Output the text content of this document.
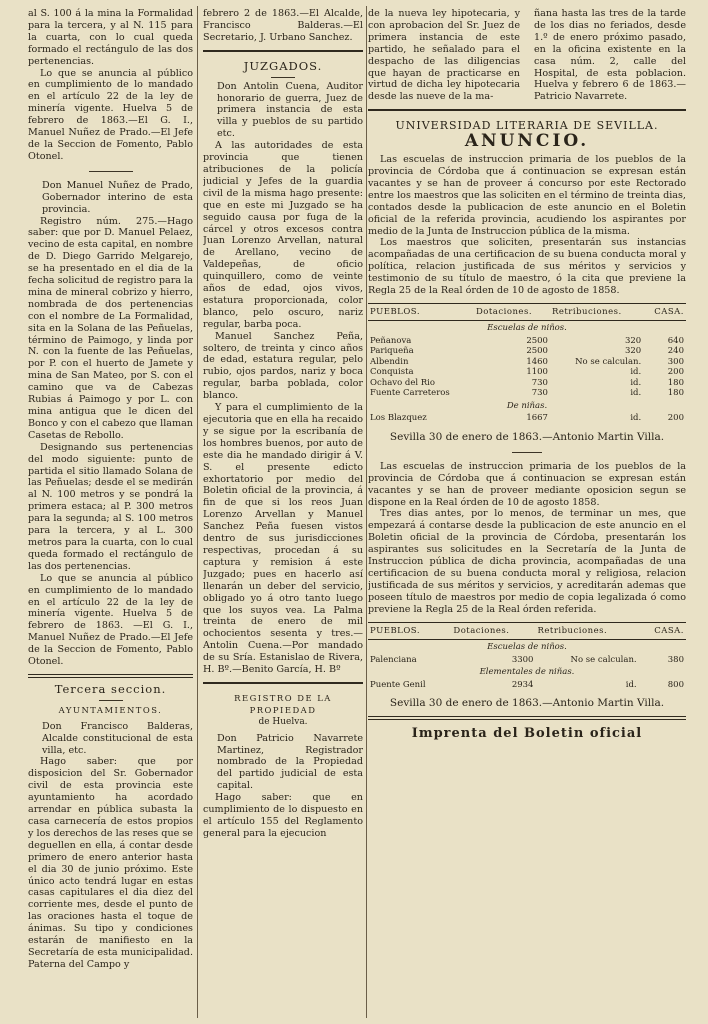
al S. 100 á la mina la Formalidad para la tercera, y al N. 115 para la cuarta, con lo cual queda formado el rectángulo de las dos pertenencias.

Lo que se anuncia al público en cumplimiento de lo mandado en el artículo 22 de la ley de minería vigente. Huelva 5 de febrero de 1863.—El G. I., Manuel Nuñez de Prado.—El Jefe de la Seccion de Fomento, Pablo Otonel.

Don Manuel Nuñez de Prado, Gobernador interino de esta provincia.

Registro núm. 275.—Hago saber: que por D. Manuel Pelaez, vecino de esta capital, en nombre de D. Diego Garrido Melgarejo, se ha presentado en el dia de la fecha solicitud de registro para la mina de mineral cobrizo y hierro, nombrada de dos pertenencias con el nombre de La Formalidad, sita en la Solana de las Peñuelas, término de Paimogo, y linda por N. con la fuente de las Peñuelas, por P. con el huerto de Jamete y mina de San Mateo, por S. con el camino que va de Cabezas Rubias á Paimogo y por L. con mina antigua que le dicen del Bonco y con el cabezo que llaman Casetas de Rebollo.

Designando sus pertenencias del modo siguiente: punto de partida el sitio llamado Solana de las Peñuelas; desde el se medirán al N. 100 metros y se pondrá la primera estaca; al P. 300 metros para la segunda; al S. 100 metros para la tercera, y al L. 300 metros para la cuarta, con lo cual queda formado el rectángulo de las dos pertenencias.

Lo que se anuncia al público en cumplimiento de lo mandado en el artículo 22 de la ley de minería vigente. Huelva 5 de febrero de 1863. —El G. I., Manuel Nuñez de Prado.—El Jefe de la Seccion de Fomento, Pablo Otonel.

Tercera seccion.
AYUNTAMIENTOS.

Don Francisco Balderas, Alcalde constitucional de esta villa, etc.

Hago saber: que por disposicion del Sr. Gobernador civil de esta provincia este ayuntamiento ha acordado arrendar en pública subasta la casa carnecería de estos propios y los derechos de las reses que se deguellen en ella, á contar desde primero de enero anterior hasta el dia 30 de junio próximo. Este único acto tendrá lugar en estas casas capitulares el dia diez del corriente mes, desde el punto de las oraciones hasta el toque de ánimas. Su tipo y condiciones estarán de manifiesto en la Secretaría de esta municipalidad. Paterna del Campo y

febrero 2 de 1863.—El Alcalde, Francisco Balderas.—El Secretario, J. Urbano Sanchez.

JUZGADOS.

Don Antolin Cuena, Auditor honorario de guerra, Juez de primera instancia de esta villa y pueblos de su partido etc.

A las autoridades de esta provincia que tienen atribuciones de la policía judicial y Jefes de la guardia civil de la misma hago presente: que en este mi Juzgado se ha seguido causa por fuga de la cárcel y otros excesos contra Juan Lorenzo Arvellan, natural de Arellano, vecino de Valdepeñas, de oficio quinquillero, como de veinte años de edad, ojos vivos, estatura proporcionada, color blanco, pelo oscuro, nariz regular, barba poca.

Manuel Sanchez Peña, soltero, de treinta y cinco años de edad, estatura regular, pelo rubio, ojos pardos, nariz y boca regular, barba poblada, color blanco.

Y para el cumplimiento de la ejecutoria que en ella ha recaido y se sigue por la escribanía de los hombres buenos, por auto de este dia he mandado dirigir á V. S. el presente edicto exhortatorio por medio del Boletin oficial de la provincia, á fin de que si los reos Juan Lorenzo Arvellan y Manuel Sanchez Peña fuesen vistos dentro de sus jurisdicciones respectivas, procedan á su captura y remision á este Juzgado; pues en hacerlo así llenarán un deber del servicio, obligado yo á otro tanto luego que los suyos vea. La Palma treinta de enero de mil ochocientos sesenta y tres.—Antolin Cuena.—Por mandado de su Sría. Estanislao de Rivera, H. Bº.—Benito García, H. Bº

REGISTRO DE LA PROPIEDAD
de Huelva.

Don Patricio Navarrete Martinez, Registrador nombrado de la Propiedad del partido judicial de esta capital.

Hago saber: que en cumplimiento de lo dispuesto en el artículo 155 del Reglamento general para la ejecucion

de la nueva ley hipotecaria, y con aprobacion del Sr. Juez de primera instancia de este partido, he señalado para el despacho de las diligencias que hayan de practicarse en virtud de dicha ley hipotecaria desde las nueve de la ma-

ñana hasta las tres de la tarde de los dias no feriados, desde 1.º de enero próximo pasado, en la oficina existente en la casa núm. 2, calle del Hospital, de esta poblacion. Huelva y febrero 6 de 1863.—Patricio Navarrete.

UNIVERSIDAD LITERARIA DE SEVILLA.
ANUNCIO.

Las escuelas de instruccion primaria de los pueblos de la provincia de Córdoba que á continuacion se expresan están vacantes y se han de proveer á concurso por este Rectorado entre los maestros que las soliciten en el término de treinta dias, contados desde la publicacion de este anuncio en el Boletin oficial de la referida provincia, acudiendo los aspirantes por medio de la Junta de Instruccion pública de la misma.

Los maestros que soliciten, presentarán sus instancias acompañadas de una certificacion de su buena conducta moral y política, relacion justificada de sus méritos y servicios y testimonio de su título de maestro, ó la cita que previene la Regla 25 de la Real órden de 10 de agosto de 1858.

PUEBLOS.	Dotaciones.	Retribuciones.	CASA.
Escuelas de niños.			
Peñanova	2500	320	640
Pariqueña	2500	320	240
Albendin	1460	No se calculan.	300
Conquista	1100	id.	200
Ochavo del Rio	730	id.	180
Fuente Carreteros	730	id.	180
De niñas.			
Los Blazquez	1667	id.	200
Sevilla 30 de enero de 1863.—Antonio Martin Villa.

Las escuelas de instruccion primaria de los pueblos de la provincia de Córdoba que á continuacion se expresan están vacantes y se han de proveer mediante oposicion segun se dispone en la Real órden de 10 de agosto 1858.

Tres dias antes, por lo menos, de terminar un mes, que empezará á contarse desde la publicacion de este anuncio en el Boletin oficial de la provincia de Córdoba, presentarán los aspirantes sus solicitudes en la Secretaría de la Junta de Instruccion pública de dicha provincia, acompañadas de una certificacion de su buena conducta moral y religiosa, relacion justificada de sus méritos y servicios, y acreditarán ademas que poseen título de maestros por medio de copia legalizada ó como previene la Regla 25 de la Real órden referida.

PUEBLOS.	Dotaciones.	Retribuciones.	CASA.
Escuelas de niños.			
Palenciana	3300	No se calculan.	380
Elementales de niñas.			
Puente Genil	2934	id.	800
Sevilla 30 de enero de 1863.—Antonio Martin Villa.
Imprenta del Boletin oficial
